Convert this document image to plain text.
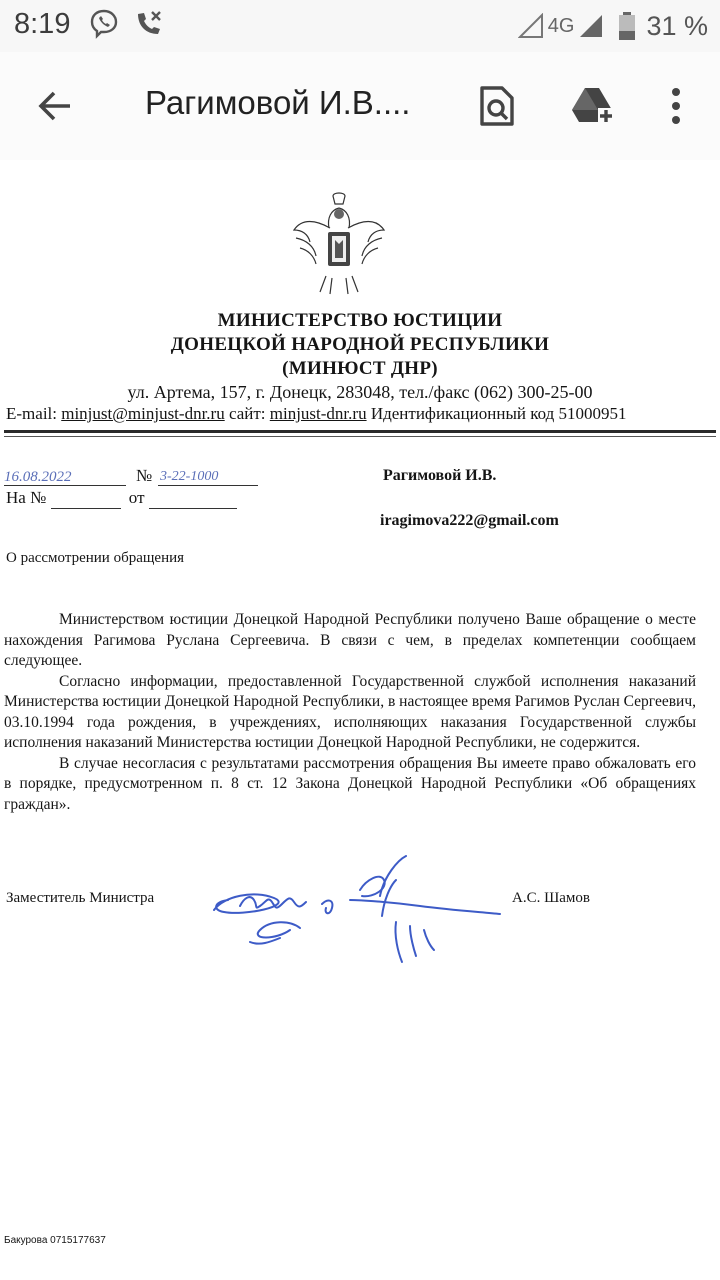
8:19	4G	31 %
Рагимовой И.В....
МИНИСТЕРСТВО ЮСТИЦИИ
ДОНЕЦКОЙ НАРОДНОЙ РЕСПУБЛИКИ
(МИНЮСТ ДНР)
ул. Артема, 157, г. Донецк, 283048, тел./факс (062) 300-25-00
E-mail: minjust@minjust-dnr.ru сайт: minjust-dnr.ru Идентификационный код 51000951
16.08.2022	№ 3-22-1000
На №	от
Рагимовой И.В.
iragimova222@gmail.com
О рассмотрении обращения

Министерством юстиции Донецкой Народной Республики получено Ваше обращение о месте нахождения Рагимова Руслана Сергеевича. В связи с чем, в пределах компетенции сообщаем следующее.

Согласно информации, предоставленной Государственной службой исполнения наказаний Министерства юстиции Донецкой Народной Республики, в настоящее время Рагимов Руслан Сергеевич, 03.10.1994 года рождения, в учреждениях, исполняющих наказания Государственной службы исполнения наказаний Министерства юстиции Донецкой Народной Республики, не содержится.

В случае несогласия с результатами рассмотрения обращения Вы имеете право обжаловать его в порядке, предусмотренном п. 8 ст. 12 Закона Донецкой Народной Республики «Об обращениях граждан».

Заместитель Министра	А.С. Шамов
Бакурова 0715177637
